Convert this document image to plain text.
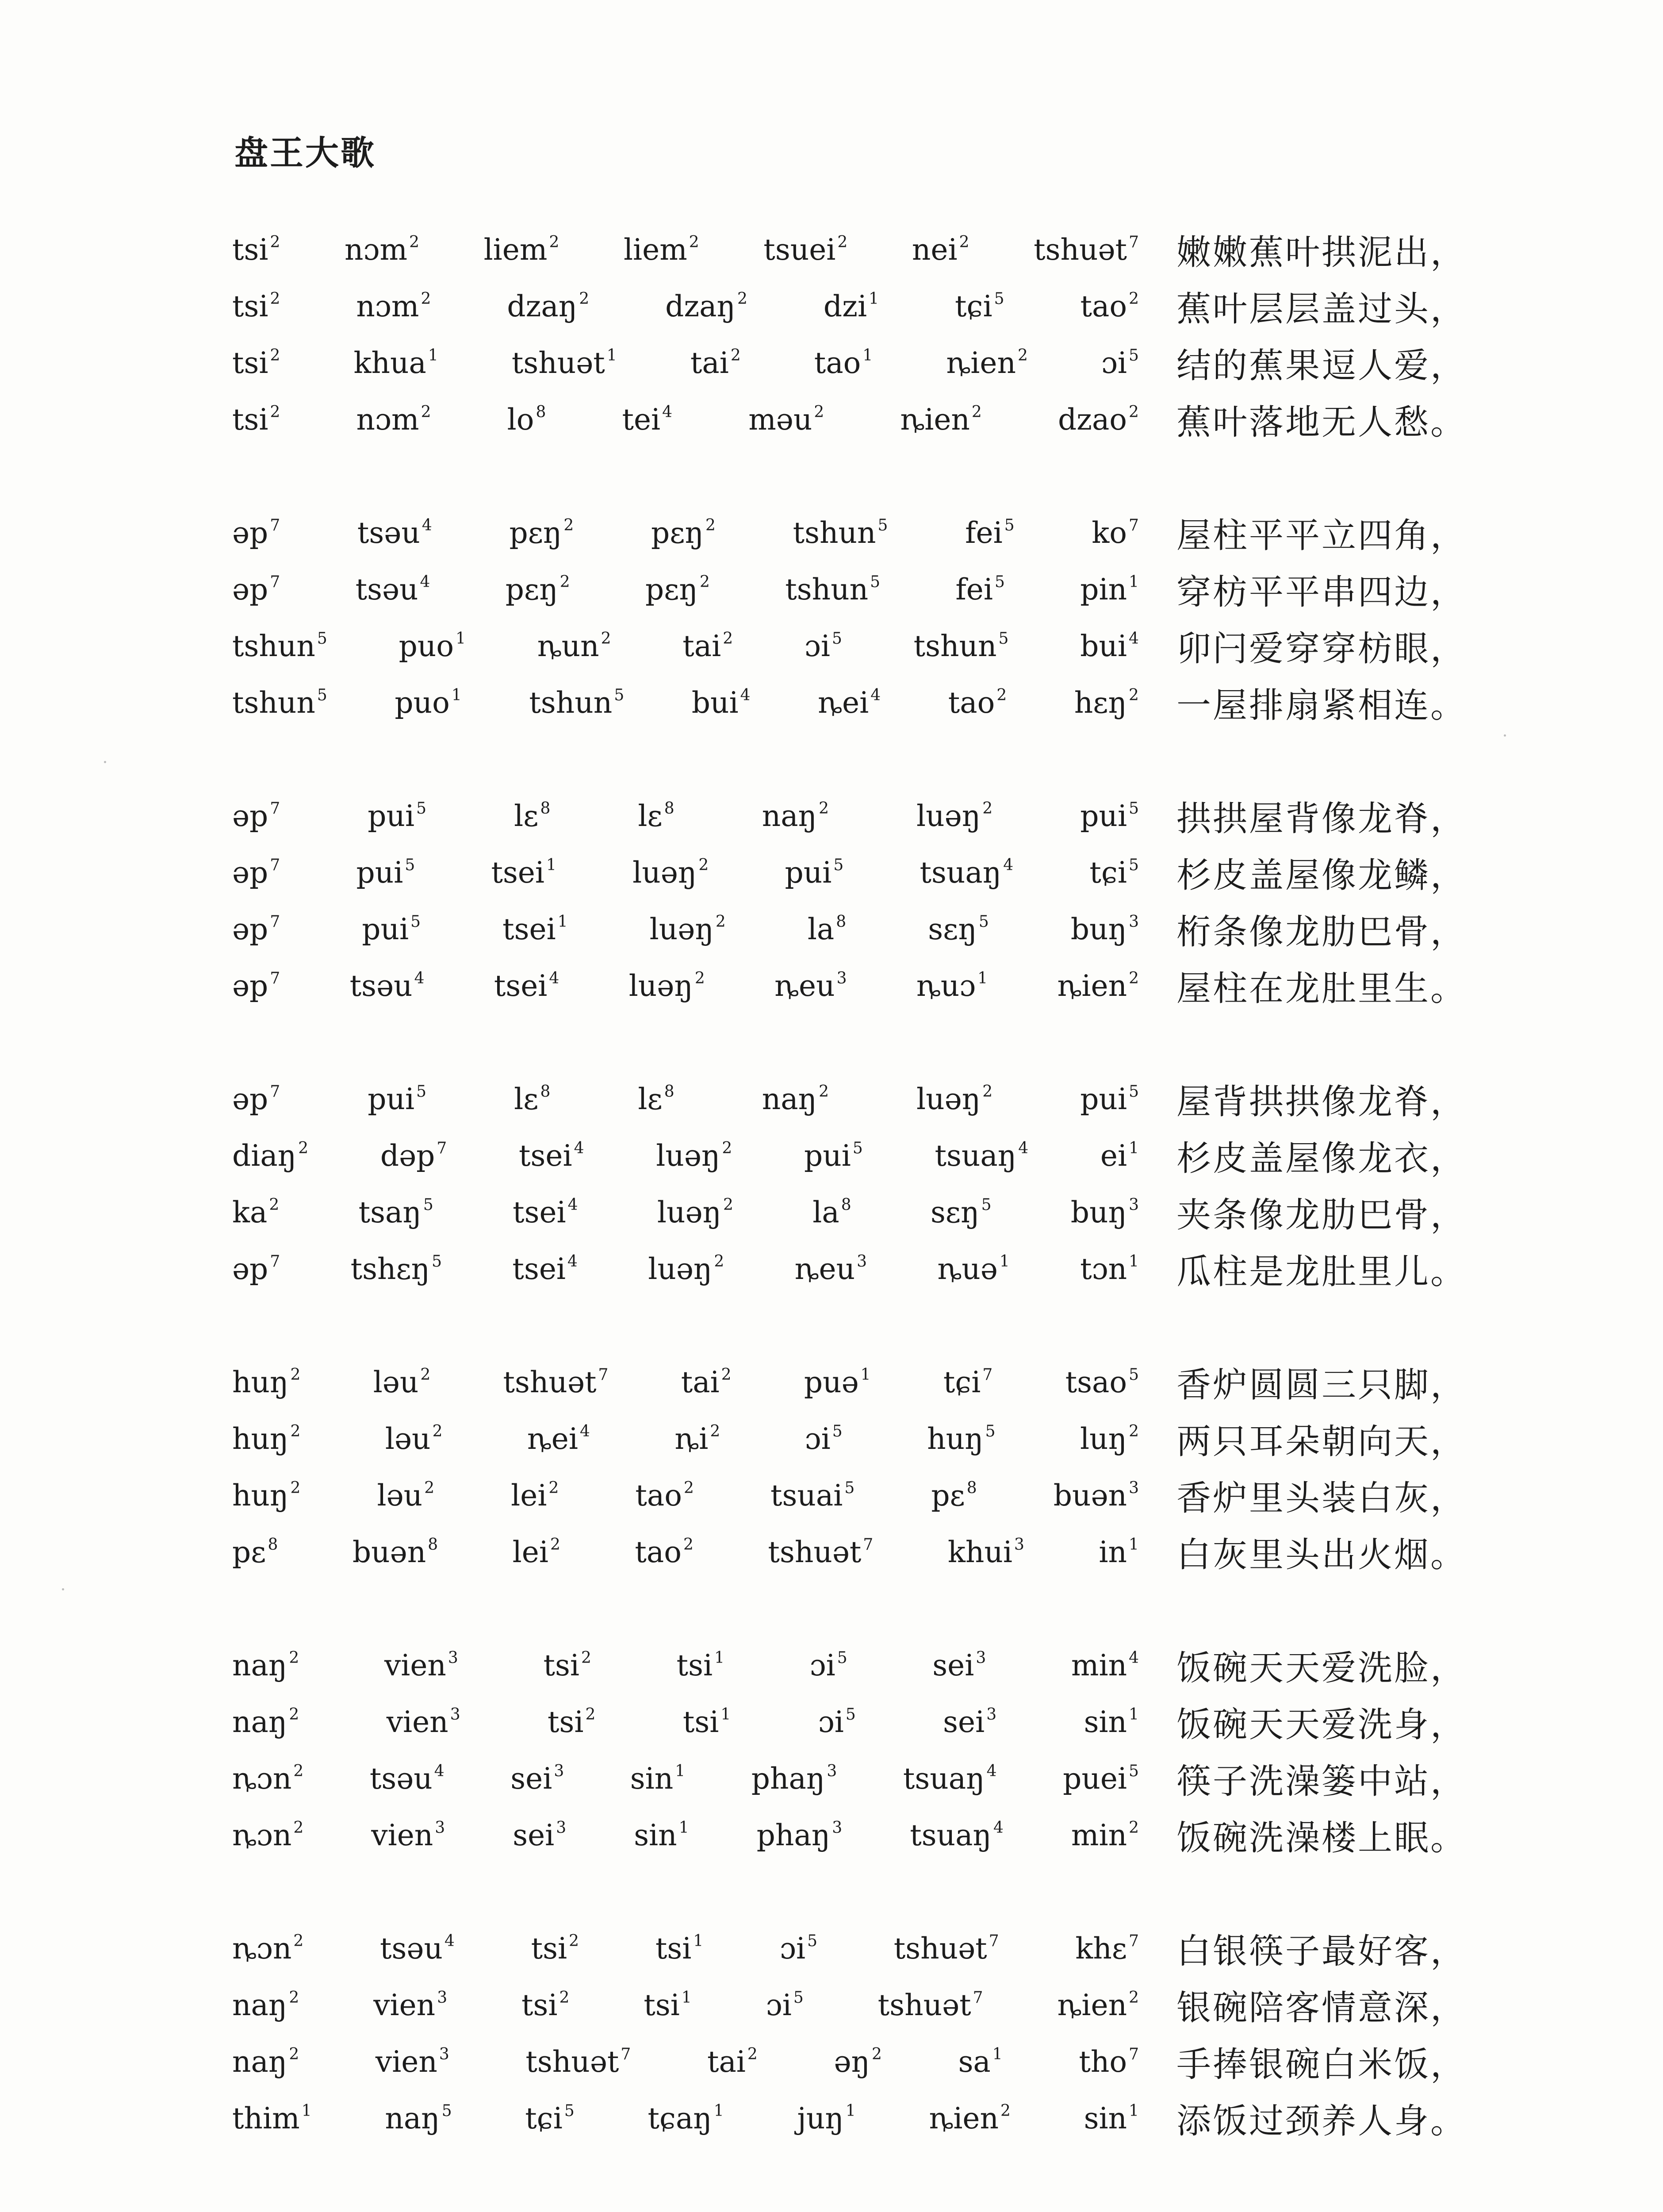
盘王大歌
tsi $^2$ nɔm $^2$ liem $^2$ liem $^2$ tsuei $^2$ nei $^2$ tshuət $^7$ 嫩嫩蕉叶拱泥出，
tsi $^2$	nɔm $^2$	dzaŋ $^2$	dzaŋ $^2$	dzi $^1$	tɕi $^5$	tao $^2$ 蕉叶层层盖过头，
tsi $^2$	khua $^1$	tshuət $^1$	tai $^2$	tao $^1$	ȵien $^2$	ɔi $^5$ 结的蕉果逗人爱，
tsi $^2$	nɔm $^2$	lo $^8$	tei $^4$	məu $^2$	ȵien $^2$	dzao $^2$ 蕉叶落地无人愁。
əp $^7$	tsəu $^4$	pɛŋ $^2$	pɛŋ $^2$	tshun $^5$	fei $^5$	ko $^7$ 屋柱平平立四角，
əp $^7$	tsəu $^4$	pɛŋ $^2$	pɛŋ $^2$	tshun $^5$	fei $^5$	pin $^1$ 穿枋平平串四边，
tshun $^5$ puo $^1$ ȵun $^2$ tai $^2$ ɔi $^5$ tshun $^5$ bui $^4$ 卯闩爱穿穿枋眼，
tshun $^5$ puo $^1$ tshun $^5$ bui $^4$ ȵei $^4$ tao $^2$ hɛŋ $^2$ 一屋排扇紧相连。
əp $^7$	pui $^5$	lɛ $^8$	lɛ $^8$	naŋ $^2$	luəŋ $^2$	pui $^5$ 拱拱屋背像龙脊，
əp $^7$	pui $^5$	tsei $^1$	luəŋ $^2$	pui $^5$	tsuaŋ $^4$	tɕi $^5$ 杉皮盖屋像龙鳞，
əp $^7$	pui $^5$	tsei $^1$	luəŋ $^2$	la $^8$	sɛŋ $^5$	buŋ $^3$ 桁条像龙肋巴骨，
əp $^7$ tsəu $^4$ tsei $^4$ luəŋ $^2$ ȵeu $^3$ ȵuɔ $^1$ ȵien $^2$ 屋柱在龙肚里生。
əp $^7$	pui $^5$	lɛ $^8$	lɛ $^8$	naŋ $^2$	luəŋ $^2$	pui $^5$ 屋背拱拱像龙脊，
diaŋ $^2$ dəp $^7$ tsei $^4$ luəŋ $^2$ pui $^5$ tsuaŋ $^4$ ei $^1$ 杉皮盖屋像龙衣，
ka $^2$	tsaŋ $^5$	tsei $^4$	luəŋ $^2$	la $^8$	sɛŋ $^5$	buŋ $^3$ 夹条像龙肋巴骨，
əp $^7$ tshɛŋ $^5$ tsei $^4$ luəŋ $^2$ ȵeu $^3$ ȵuə $^1$ tɔn $^1$ 瓜柱是龙肚里儿。
huŋ $^2$ ləu $^2$ tshuət $^7$ tai $^2$ puə $^1$ tɕi $^7$ tsao $^5$ 香炉圆圆三只脚，
huŋ $^2$	ləu $^2$	ȵei $^4$	ȵi $^2$	ɔi $^5$	huŋ $^5$	luŋ $^2$ 两只耳朵朝向天，
huŋ $^2$	ləu $^2$	lei $^2$	tao $^2$	tsuai $^5$	pɛ $^8$	buən $^3$ 香炉里头装白灰，
pɛ $^8$	buən $^8$	lei $^2$	tao $^2$	tshuət $^7$	khui $^3$	in $^1$ 白灰里头出火烟。
naŋ $^2$	vien $^3$	tsi $^2$	tsi $^1$	ɔi $^5$	sei $^3$	min $^4$ 饭碗天天爱洗脸，
naŋ $^2$	vien $^3$	tsi $^2$	tsi $^1$	ɔi $^5$	sei $^3$	sin $^1$ 饭碗天天爱洗身，
ȵɔn $^2$ tsəu $^4$ sei $^3$ sin $^1$ phaŋ $^3$ tsuaŋ $^4$ puei $^5$ 筷子洗澡篓中站，
ȵɔn $^2$ vien $^3$ sei $^3$ sin $^1$ phaŋ $^3$ tsuaŋ $^4$ min $^2$ 饭碗洗澡楼上眠。
ȵɔn $^2$	tsəu $^4$	tsi $^2$	tsi $^1$	ɔi $^5$	tshuət $^7$	khɛ $^7$ 白银筷子最好客，
naŋ $^2$	vien $^3$	tsi $^2$	tsi $^1$	ɔi $^5$	tshuət $^7$	ȵien $^2$ 银碗陪客情意深，
naŋ $^2$	vien $^3$	tshuət $^7$	tai $^2$	əŋ $^2$	sa $^1$	tho $^7$ 手捧银碗白米饭，
thim $^1$	naŋ $^5$	tɕi $^5$	tɕaŋ $^1$	juŋ $^1$	ȵien $^2$	sin $^1$ 添饭过颈养人身。
